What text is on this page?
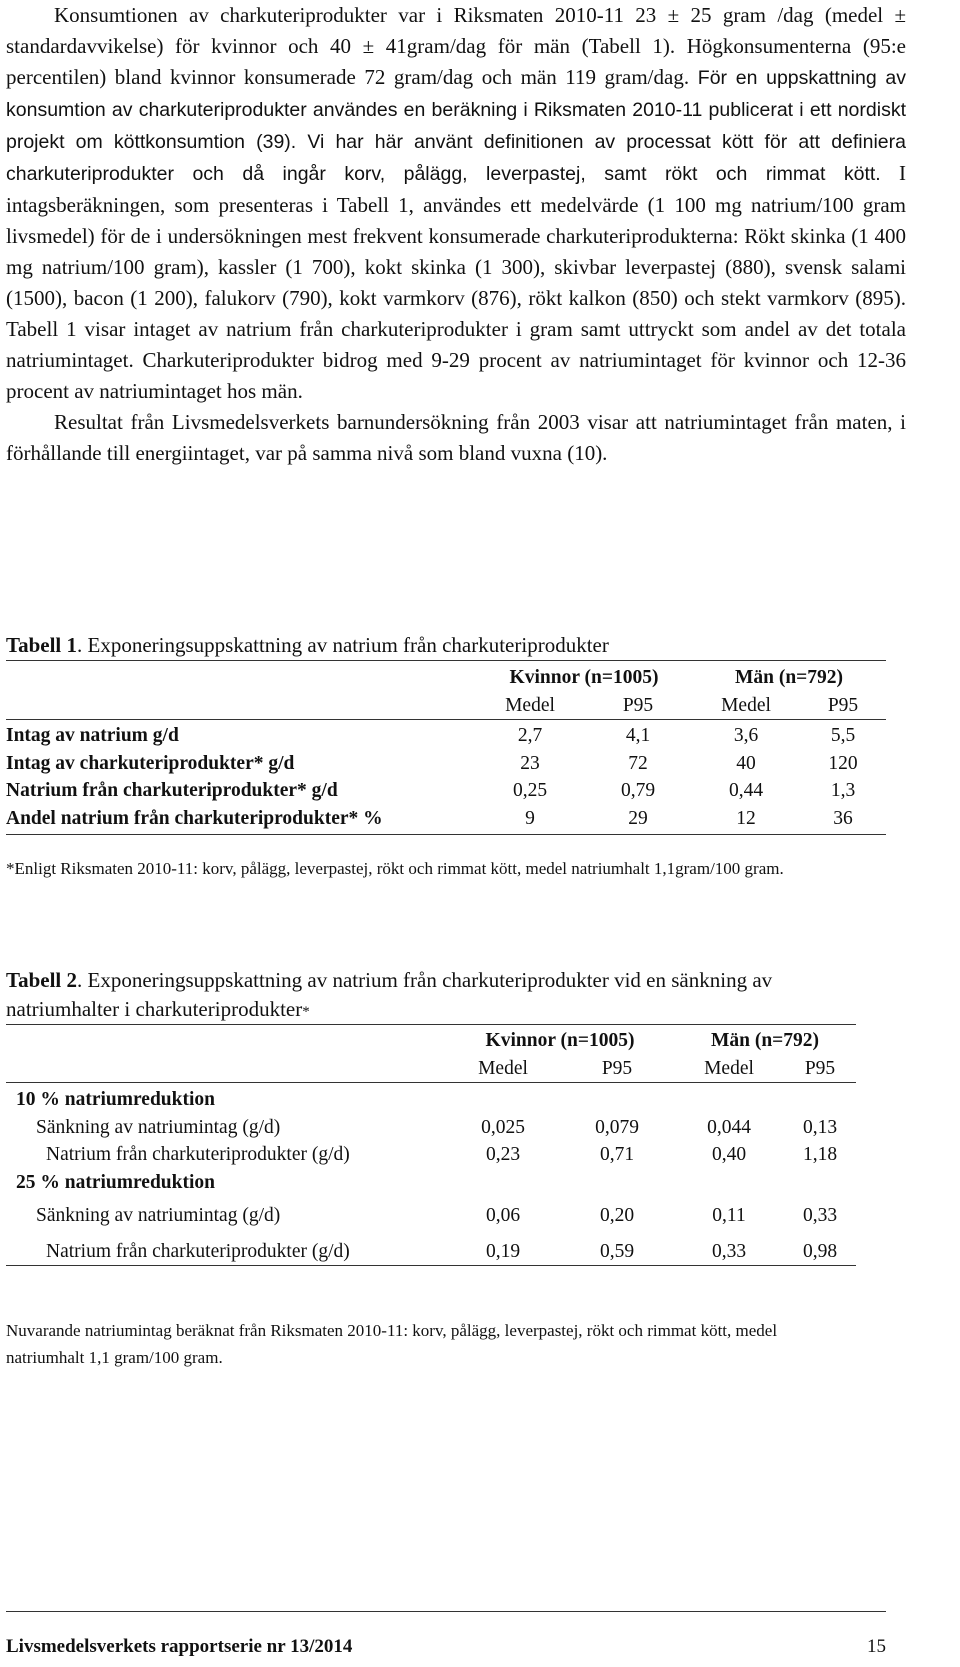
Konsumtionen av charkuteriprodukter var i Riksmaten 2010-11 23 ± 25 gram /dag (medel ± standardavvikelse) för kvinnor och 40 ± 41gram/dag för män (Tabell 1). Högkonsumenterna (95:e percentilen) bland kvinnor konsumerade 72 gram/dag och män 119 gram/dag. För en uppskattning av konsumtion av charkuteriprodukter användes en beräkning i Riksmaten 2010-11 publicerat i ett nordiskt projekt om köttkonsumtion (39). Vi har här använt definitionen av processat kött för att definiera charkuteriprodukter och då ingår korv, pålägg, leverpastej, samt rökt och rimmat kött. I intagsberäkningen, som presenteras i Tabell 1, användes ett medelvärde (1 100 mg natrium/100 gram livsmedel) för de i undersökningen mest frekvent konsumerade charkuteriprodukterna: Rökt skinka (1 400 mg natrium/100 gram), kassler (1 700), kokt skinka (1 300), skivbar leverpastej (880), svensk salami (1500), bacon (1 200), falukorv (790), kokt varmkorv (876), rökt kalkon (850) och stekt varmkorv (895). Tabell 1 visar intaget av natrium från charkuteriprodukter i gram samt uttryckt som andel av det totala natriumintaget. Charkuteriprodukter bidrog med 9-29 procent av natriumintaget för kvinnor och 12-36 procent av natriumintaget hos män.

Resultat från Livsmedelsverkets barnundersökning från 2003 visar att natriumintaget från maten, i förhållande till energiintaget, var på samma nivå som bland vuxna (10).

Tabell 1. Exponeringsuppskattning av natrium från charkuteriprodukter
	Kvinnor (n=1005)		Män (n=792)	
	Medel	P95	Medel	P95
Intag av natrium g/d	2,7	4,1	3,6	5,5
Intag av charkuteriprodukter* g/d	23	72	40	120
Natrium från charkuteriprodukter* g/d	0,25	0,79	0,44	1,3
Andel natrium från charkuteriprodukter* %	9	29	12	36
*Enligt Riksmaten 2010-11: korv, pålägg, leverpastej, rökt och rimmat kött, medel natriumhalt 1,1gram/100 gram.
Tabell 2. Exponeringsuppskattning av natrium från charkuteriprodukter vid en sänkning av natriumhalter i charkuteriprodukter*
		Kvinnor (n=1005)		Män (n=792)	
		Medel	P95	Medel	P95
10 % natriumreduktion					
	Sänkning av natriumintag (g/d)	0,025	0,079	0,044	0,13

Natrium från charkuteriprodukter (g/d)		0,23	0,71	0,40	1,18
25 % natriumreduktion					
	Sänkning av natriumintag (g/d)	0,06	0,20	0,11	0,33

Natrium från charkuteriprodukter (g/d)		0,19	0,59	0,33	0,98
Nuvarande natriumintag beräknat från Riksmaten 2010-11: korv, pålägg, leverpastej, rökt och rimmat kött, medel natriumhalt 1,1 gram/100 gram.
Livsmedelsverkets rapportserie nr 13/2014	15
